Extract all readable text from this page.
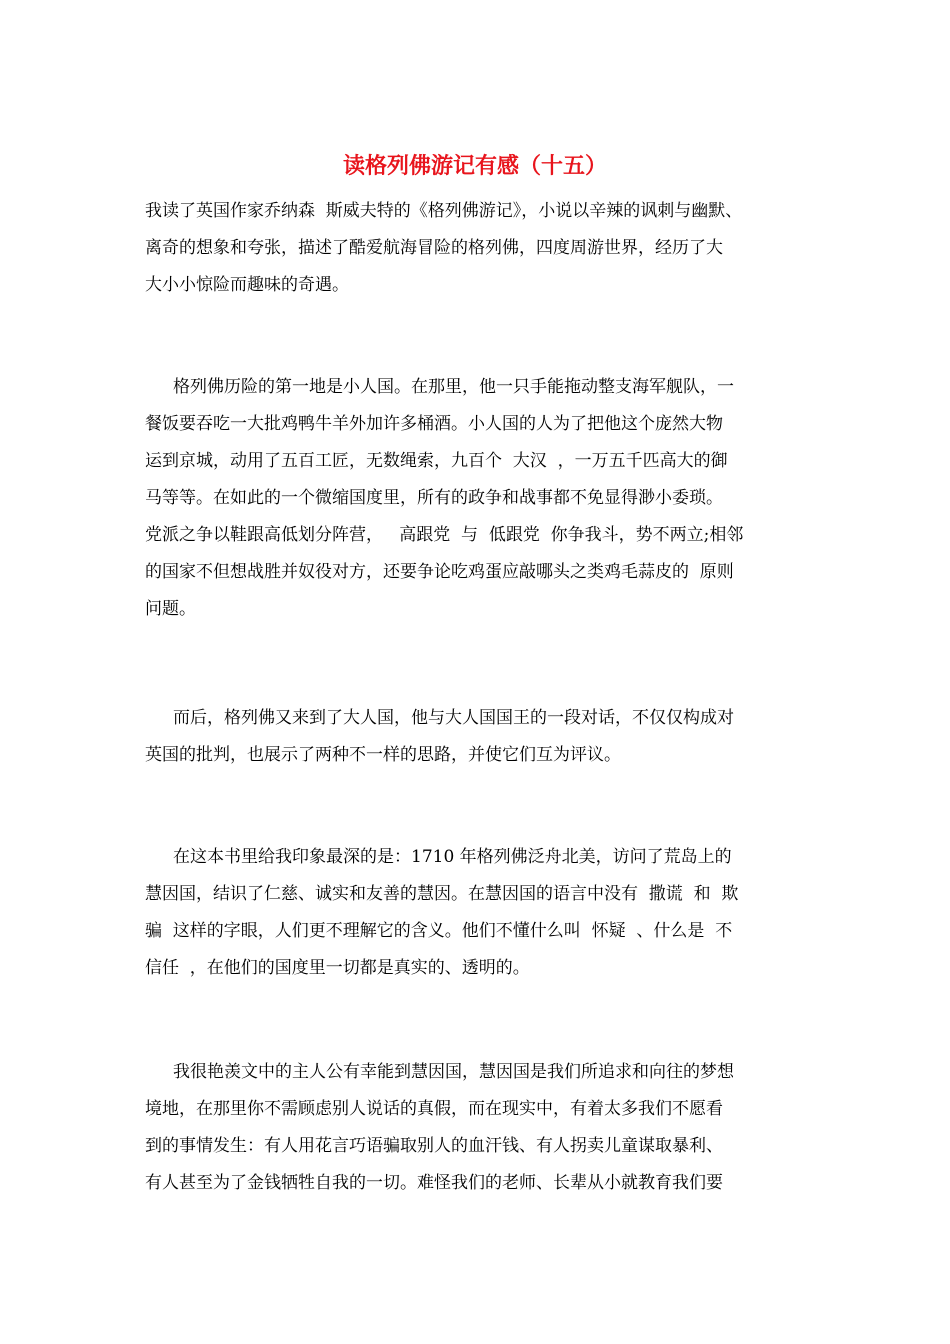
读格列佛游记有感（十五）
我读了英国作家乔纳森  斯威夫特的《格列佛游记》，小说以辛辣的讽刺与幽默、
离奇的想象和夸张，描述了酷爱航海冒险的格列佛，四度周游世界，经历了大
大小小惊险而趣味的奇遇。
格列佛历险的第一地是小人国。在那里，他一只手能拖动整支海军舰队，一
餐饭要吞吃一大批鸡鸭牛羊外加许多桶酒。小人国的人为了把他这个庞然大物
运到京城，动用了五百工匠，无数绳索，九百个  大汉  ，一万五千匹高大的御
马等等。在如此的一个微缩国度里，所有的政争和战事都不免显得渺小委琐。
党派之争以鞋跟高低划分阵营，   高跟党  与  低跟党  你争我斗，势不两立;相邻
的国家不但想战胜并奴役对方，还要争论吃鸡蛋应敲哪头之类鸡毛蒜皮的  原则
问题。
而后，格列佛又来到了大人国，他与大人国国王的一段对话，不仅仅构成对
英国的批判，也展示了两种不一样的思路，并使它们互为评议。
在这本书里给我印象最深的是：1710 年格列佛泛舟北美，访问了荒岛上的
慧因国，结识了仁慈、诚实和友善的慧因。在慧因国的语言中没有  撒谎  和  欺
骗  这样的字眼，人们更不理解它的含义。他们不懂什么叫  怀疑  、什么是  不
信任  ，在他们的国度里一切都是真实的、透明的。
我很艳羡文中的主人公有幸能到慧因国，慧因国是我们所追求和向往的梦想
境地，在那里你不需顾虑别人说话的真假，而在现实中，有着太多我们不愿看
到的事情发生：有人用花言巧语骗取别人的血汗钱、有人拐卖儿童谋取暴利、
有人甚至为了金钱牺牲自我的一切。难怪我们的老师、长辈从小就教育我们要
